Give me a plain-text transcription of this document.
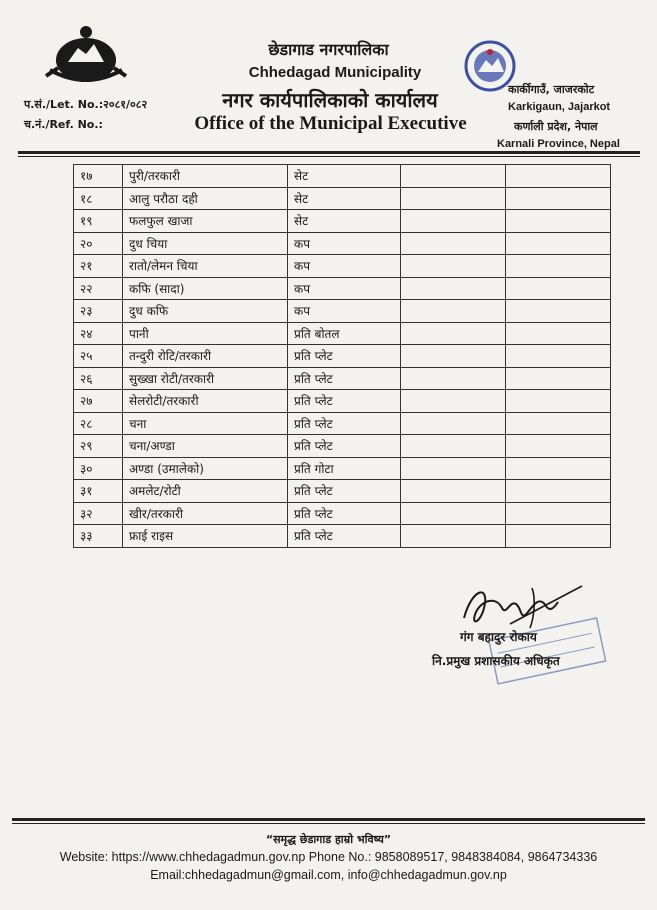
छेडागाड नगरपालिका
Chhedagad Municipality
नगर कार्यपालिकाको कार्यालय
Office of the Municipal Executive
प.सं./Let. No.:२०८१/०८२
च.नं./Ref. No.:
कार्कीगाउँ, जाजरकोट
Karkigaun, Jajarkot
कर्णाली प्रदेश, नेपाल
Karnali Province, Nepal
१७	पुरी/तरकारी	सेट		
१८	आलु परौठा दही	सेट		
१९	फलफुल खाजा	सेट		
२०	दुध चिया	कप		
२१	रातो/लेमन चिया	कप		
२२	कफि (सादा)	कप		
२३	दुध कफि	कप		
२४	पानी	प्रति बोतल		
२५	तन्दुरी रोटि/तरकारी	प्रति प्लेट		
२६	सुख्खा रोटी/तरकारी	प्रति प्लेट		
२७	सेलरोटी/तरकारी	प्रति प्लेट		
२८	चना	प्रति प्लेट		
२९	चना/अण्डा	प्रति प्लेट		
३०	अण्डा (उमालेको)	प्रति गोटा		
३१	अमलेट/रोटी	प्रति प्लेट		
३२	खीर/तरकारी	प्रति प्लेट		
३३	फ्राई राइस	प्रति प्लेट		
गंग बहादुर रोकाय
नि.प्रमुख प्रशासकीय अधिकृत
“समृद्ध छेडागाड हाम्रो भविष्य”
Website: https://www.chhedagadmun.gov.np Phone No.: 9858089517, 9848384084, 9864734336
Email:chhedagadmun@gmail.com, info@chhedagadmun.gov.np
